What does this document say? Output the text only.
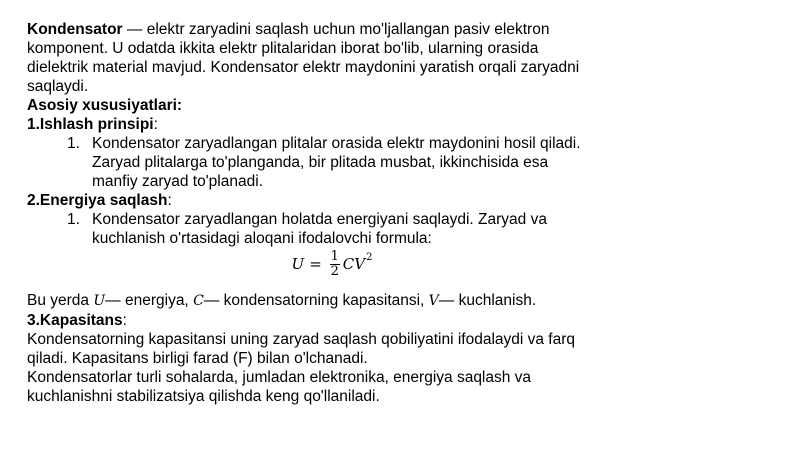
Kondensator — elektr zaryadini saqlash uchun mo'ljallangan pasiv elektron komponent. U odatda ikkita elektr plitalaridan iborat bo'lib, ularning orasida dielektrik material mavjud. Kondensator elektr maydonini yaratish orqali zaryadni saqlaydi.

Asosiy xususiyatlari:

1.Ishlash prinsipi:

1. Kondensator zaryadlangan plitalar orasida elektr maydonini hosil qiladi. Zaryad plitalarga to'planganda, bir plitada musbat, ikkinchisida esa manfiy zaryad to'planadi.

2.Energiya saqlash:

1. Kondensator zaryadlangan holatda energiyani saqlaydi. Zaryad va kuchlanish o'rtasidagi aloqani ifodalovchi formula:
$U = \frac{1}{2}$ CV 2

Bu yerda U— energiya, C— kondensatorning kapasitansi, V— kuchlanish.

3.Kapasitans:

Kondensatorning kapasitansi uning zaryad saqlash qobiliyatini ifodalaydi va farq qiladi. Kapasitans birligi farad (F) bilan o'lchanadi.

Kondensatorlar turli sohalarda, jumladan elektronika, energiya saqlash va kuchlanishni stabilizatsiya qilishda keng qo'llaniladi.
